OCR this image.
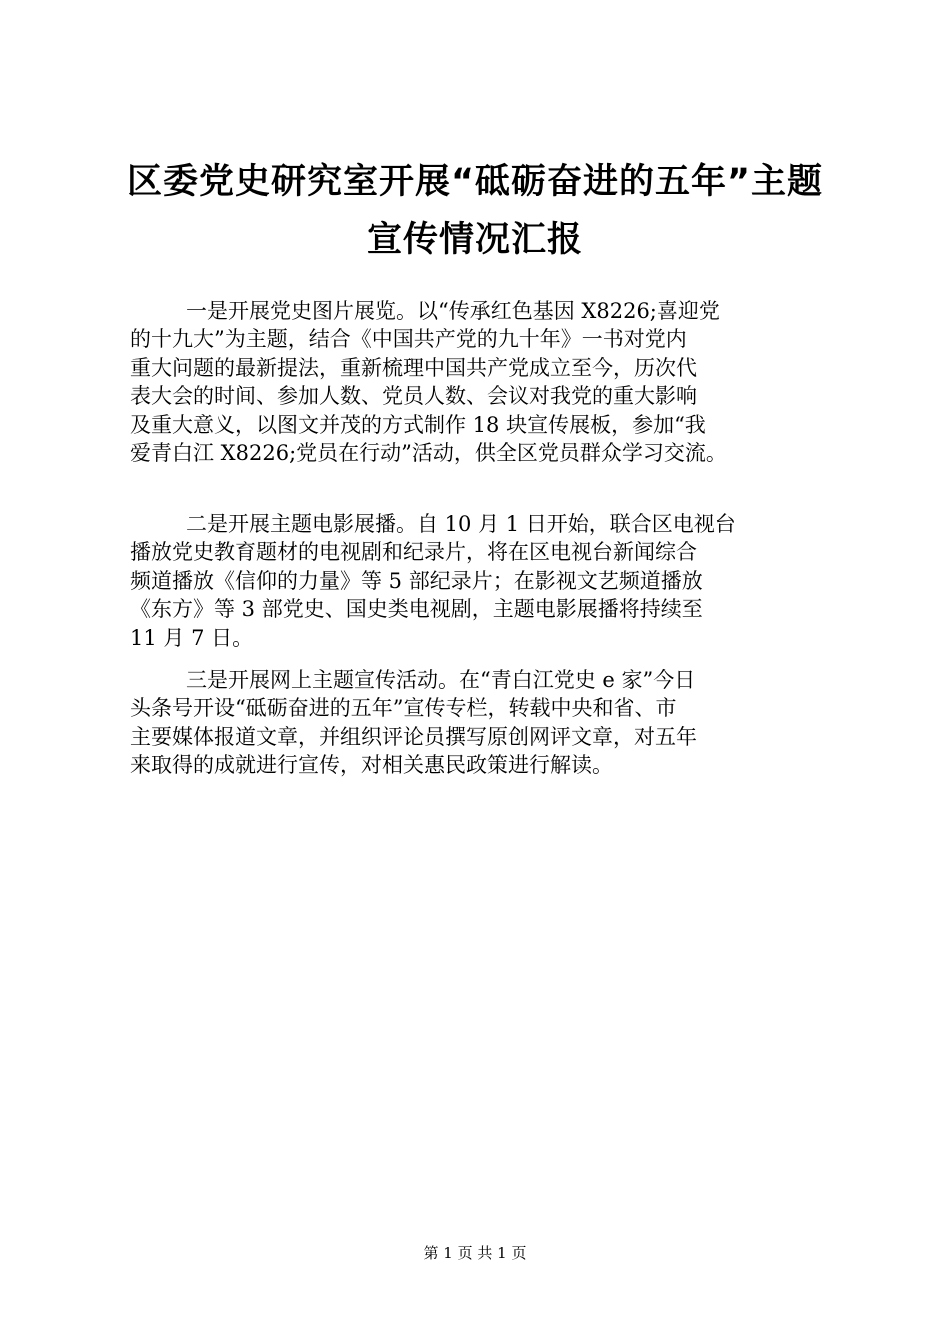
区委党史研究室开展“砥砺奋进的五年”主题
宣传情况汇报
一是开展党史图片展览。以“传承红色基因 X8226;喜迎党
的十九大”为主题，结合《中国共产党的九十年》一书对党内
重大问题的最新提法，重新梳理中国共产党成立至今，历次代
表大会的时间、参加人数、党员人数、会议对我党的重大影响
及重大意义，以图文并茂的方式制作 18 块宣传展板，参加“我
爱青白江 X8226;党员在行动”活动，供全区党员群众学习交流。
二是开展主题电影展播。自 10 月 1 日开始，联合区电视台
播放党史教育题材的电视剧和纪录片，将在区电视台新闻综合
频道播放《信仰的力量》等 5 部纪录片；在影视文艺频道播放
《东方》等 3 部党史、国史类电视剧，主题电影展播将持续至
11 月 7 日。
三是开展网上主题宣传活动。在“青白江党史 e 家”今日
头条号开设“砥砺奋进的五年”宣传专栏，转载中央和省、市
主要媒体报道文章，并组织评论员撰写原创网评文章，对五年
来取得的成就进行宣传，对相关惠民政策进行解读。
第 1 页 共 1 页
